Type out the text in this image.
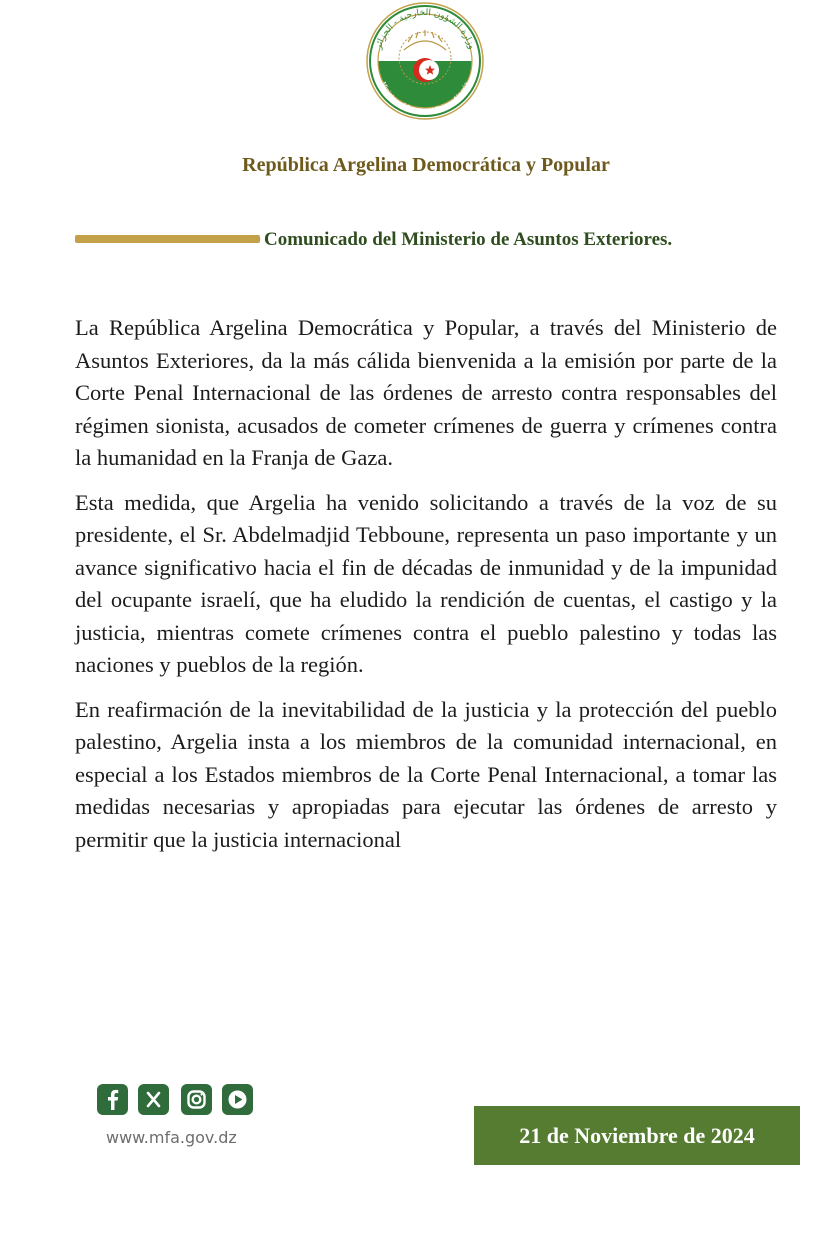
وزارة الشؤون الخارجية - الجزائر
Ministry of Foreign Affairs - Algeria
República Argelina Democrática y Popular
Comunicado del Ministerio de Asuntos Exteriores.

La República Argelina Democrática y Popular, a través del Ministerio de Asuntos Exteriores, da la más cálida bienvenida a la emisión por parte de la Corte Penal Internacional de las órdenes de arresto contra responsables del régimen sionista, acusados de cometer crímenes de guerra y crímenes contra la humanidad en la Franja de Gaza.

Esta medida, que Argelia ha venido solicitando a través de la voz de su presidente, el Sr. Abdelmadjid Tebboune, representa un paso importante y un avance significativo hacia el fin de décadas de inmunidad y de la impunidad del ocupante israelí, que ha eludido la rendición de cuentas, el castigo y la justicia, mientras comete crímenes contra el pueblo palestino y todas las naciones y pueblos de la región.

En reafirmación de la inevitabilidad de la justicia y la protección del pueblo palestino, Argelia insta a los miembros de la comunidad internacional, en especial a los Estados miembros de la Corte Penal Internacional, a tomar las medidas necesarias y apropiadas para ejecutar las órdenes de arresto y permitir que la justicia internacional

www.mfa.gov.dz	21 de Noviembre de 2024
